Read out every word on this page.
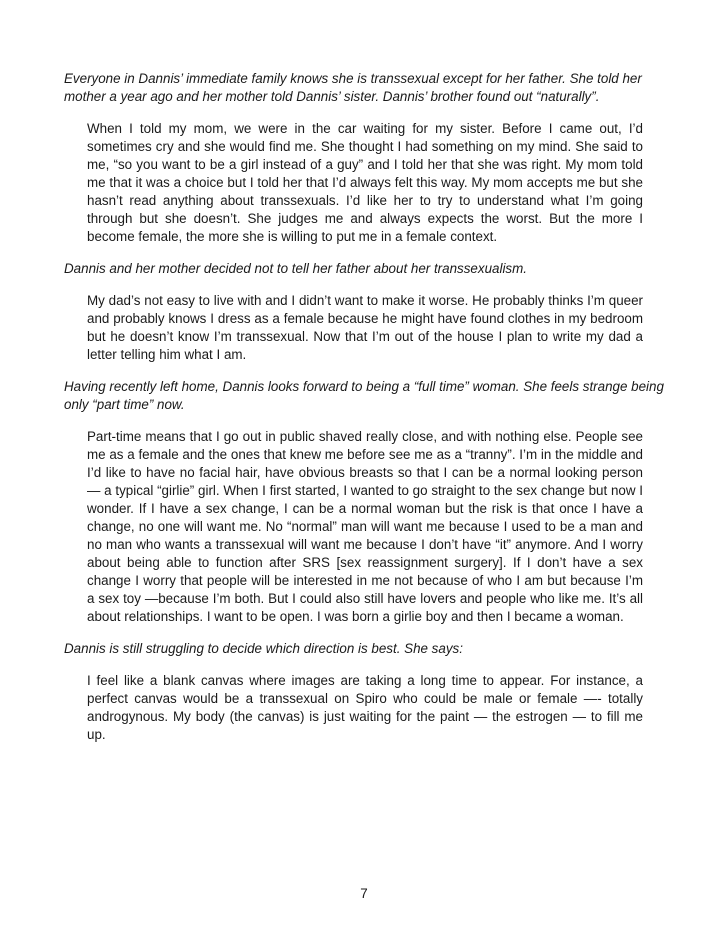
Everyone in Dannis’ immediate family knows she is transsexual except for her father. She told her mother a year ago and her mother told Dannis’ sister. Dannis’ brother found out “naturally”.

When I told my mom, we were in the car waiting for my sister. Before I came out, I’d sometimes cry and she would find me. She thought I had something on my mind. She said to me, “so you want to be a girl instead of a guy” and I told her that she was right. My mom told me that it was a choice but I told her that I’d always felt this way. My mom accepts me but she hasn’t read anything about transsexuals. I’d like her to try to understand what I’m going through but she doesn’t. She judges me and always expects the worst. But the more I become female, the more she is willing to put me in a female context.

Dannis and her mother decided not to tell her father about her transsexualism.

My dad’s not easy to live with and I didn’t want to make it worse. He probably thinks I’m queer and probably knows I dress as a female because he might have found clothes in my bedroom but he doesn’t know I’m transsexual. Now that I’m out of the house I plan to write my dad a letter telling him what I am.

Having recently left home, Dannis looks forward to being a “full time” woman. She feels strange being only “part time” now.

Part-time means that I go out in public shaved really close, and with nothing else. People see me as a female and the ones that knew me before see me as a “tranny”. I’m in the middle and I’d like to have no facial hair, have obvious breasts so that I can be a normal looking person — a typical “girlie” girl. When I first started, I wanted to go straight to the sex change but now I wonder. If I have a sex change, I can be a normal woman but the risk is that once I have a change, no one will want me. No “normal” man will want me because I used to be a man and no man who wants a transsexual will want me because I don’t have “it” anymore. And I worry about being able to function after SRS [sex reassignment surgery]. If I don’t have a sex change I worry that people will be interested in me not because of who I am but because I’m a sex toy —because I’m both. But I could also still have lovers and people who like me. It’s all about relationships. I want to be open. I was born a girlie boy and then I became a woman.

Dannis is still struggling to decide which direction is best. She says:

I feel like a blank canvas where images are taking a long time to appear. For instance, a perfect canvas would be a transsexual on Spiro who could be male or female —- totally androgynous. My body (the canvas) is just waiting for the paint — the estrogen — to fill me up.

7
